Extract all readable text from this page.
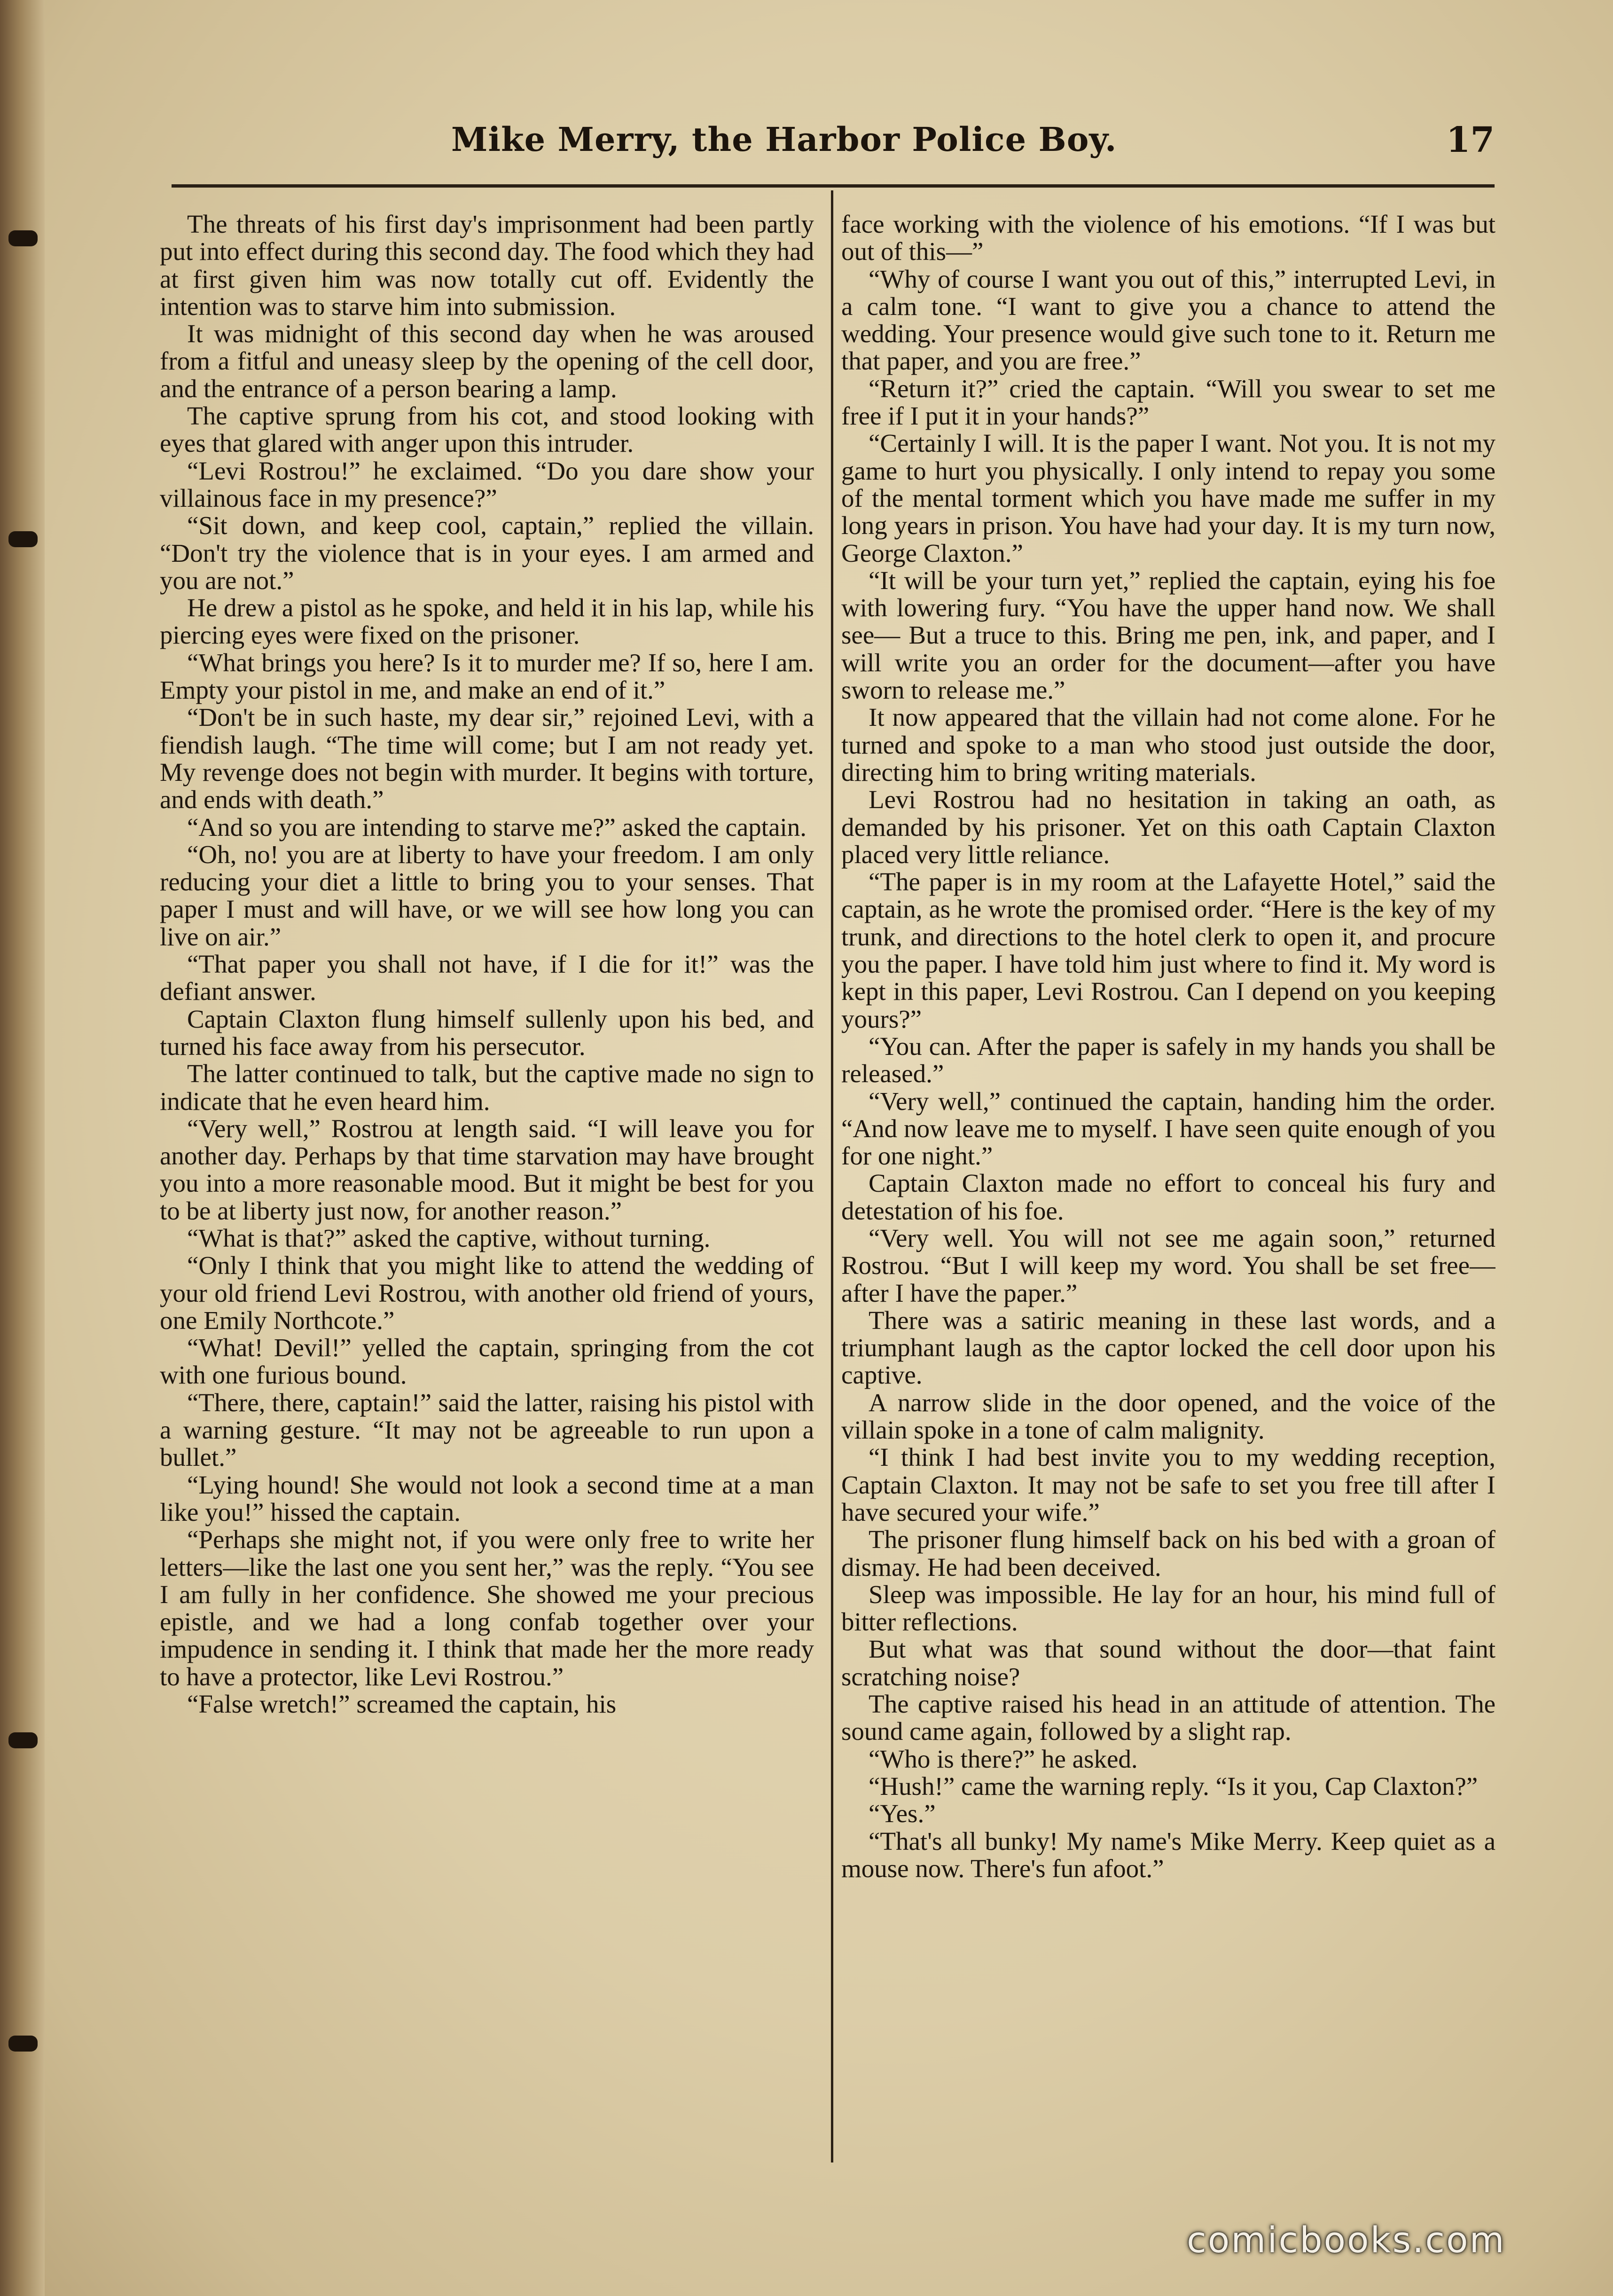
Mike Merry, the Harbor Police Boy.	17

The threats of his first day's imprisonment had been partly put into effect during this second day. The food which they had at first given him was now totally cut off. Evidently the intention was to starve him into submission.

It was midnight of this second day when he was aroused from a fitful and uneasy sleep by the opening of the cell door, and the entrance of a person bearing a lamp.

The captive sprung from his cot, and stood looking with eyes that glared with anger upon this intruder.

“Levi Rostrou!” he exclaimed. “Do you dare show your villainous face in my presence?”

“Sit down, and keep cool, captain,” replied the villain. “Don't try the violence that is in your eyes. I am armed and you are not.”

He drew a pistol as he spoke, and held it in his lap, while his piercing eyes were fixed on the prisoner.

“What brings you here? Is it to murder me? If so, here I am. Empty your pistol in me, and make an end of it.”

“Don't be in such haste, my dear sir,” rejoined Levi, with a fiendish laugh. “The time will come; but I am not ready yet. My revenge does not begin with murder. It begins with torture, and ends with death.”

“And so you are intending to starve me?” asked the captain.

“Oh, no! you are at liberty to have your freedom. I am only reducing your diet a little to bring you to your senses. That paper I must and will have, or we will see how long you can live on air.”

“That paper you shall not have, if I die for it!” was the defiant answer.

Captain Claxton flung himself sullenly upon his bed, and turned his face away from his persecutor.

The latter continued to talk, but the captive made no sign to indicate that he even heard him.

“Very well,” Rostrou at length said. “I will leave you for another day. Perhaps by that time starvation may have brought you into a more reasonable mood. But it might be best for you to be at liberty just now, for another reason.”

“What is that?” asked the captive, without turning.

“Only I think that you might like to attend the wedding of your old friend Levi Rostrou, with another old friend of yours, one Emily Northcote.”

“What! Devil!” yelled the captain, springing from the cot with one furious bound.

“There, there, captain!” said the latter, raising his pistol with a warning gesture. “It may not be agreeable to run upon a bullet.”

“Lying hound! She would not look a second time at a man like you!” hissed the captain.

“Perhaps she might not, if you were only free to write her letters—like the last one you sent her,” was the reply. “You see I am fully in her confidence. She showed me your precious epistle, and we had a long confab together over your impudence in sending it. I think that made her the more ready to have a protector, like Levi Rostrou.”

“False wretch!” screamed the captain, his

face working with the violence of his emotions. “If I was but out of this—”

“Why of course I want you out of this,” interrupted Levi, in a calm tone. “I want to give you a chance to attend the wedding. Your presence would give such tone to it. Return me that paper, and you are free.”

“Return it?” cried the captain. “Will you swear to set me free if I put it in your hands?”

“Certainly I will. It is the paper I want. Not you. It is not my game to hurt you physically. I only intend to repay you some of the mental torment which you have made me suffer in my long years in prison. You have had your day. It is my turn now, George Claxton.”

“It will be your turn yet,” replied the captain, eying his foe with lowering fury. “You have the upper hand now. We shall see— But a truce to this. Bring me pen, ink, and paper, and I will write you an order for the document—after you have sworn to release me.”

It now appeared that the villain had not come alone. For he turned and spoke to a man who stood just outside the door, directing him to bring writing materials.

Levi Rostrou had no hesitation in taking an oath, as demanded by his prisoner. Yet on this oath Captain Claxton placed very little reliance.

“The paper is in my room at the Lafayette Hotel,” said the captain, as he wrote the promised order. “Here is the key of my trunk, and directions to the hotel clerk to open it, and procure you the paper. I have told him just where to find it. My word is kept in this paper, Levi Rostrou. Can I depend on you keeping yours?”

“You can. After the paper is safely in my hands you shall be released.”

“Very well,” continued the captain, handing him the order. “And now leave me to myself. I have seen quite enough of you for one night.”

Captain Claxton made no effort to conceal his fury and detestation of his foe.

“Very well. You will not see me again soon,” returned Rostrou. “But I will keep my word. You shall be set free—after I have the paper.”

There was a satiric meaning in these last words, and a triumphant laugh as the captor locked the cell door upon his captive.

A narrow slide in the door opened, and the voice of the villain spoke in a tone of calm malignity.

“I think I had best invite you to my wedding reception, Captain Claxton. It may not be safe to set you free till after I have secured your wife.”

The prisoner flung himself back on his bed with a groan of dismay. He had been deceived.

Sleep was impossible. He lay for an hour, his mind full of bitter reflections.

But what was that sound without the door—that faint scratching noise?

The captive raised his head in an attitude of attention. The sound came again, followed by a slight rap.

“Who is there?” he asked.

“Hush!” came the warning reply. “Is it you, Cap Claxton?”

“Yes.”

“That's all bunky! My name's Mike Merry. Keep quiet as a mouse now. There's fun afoot.”

comicbooks.com
